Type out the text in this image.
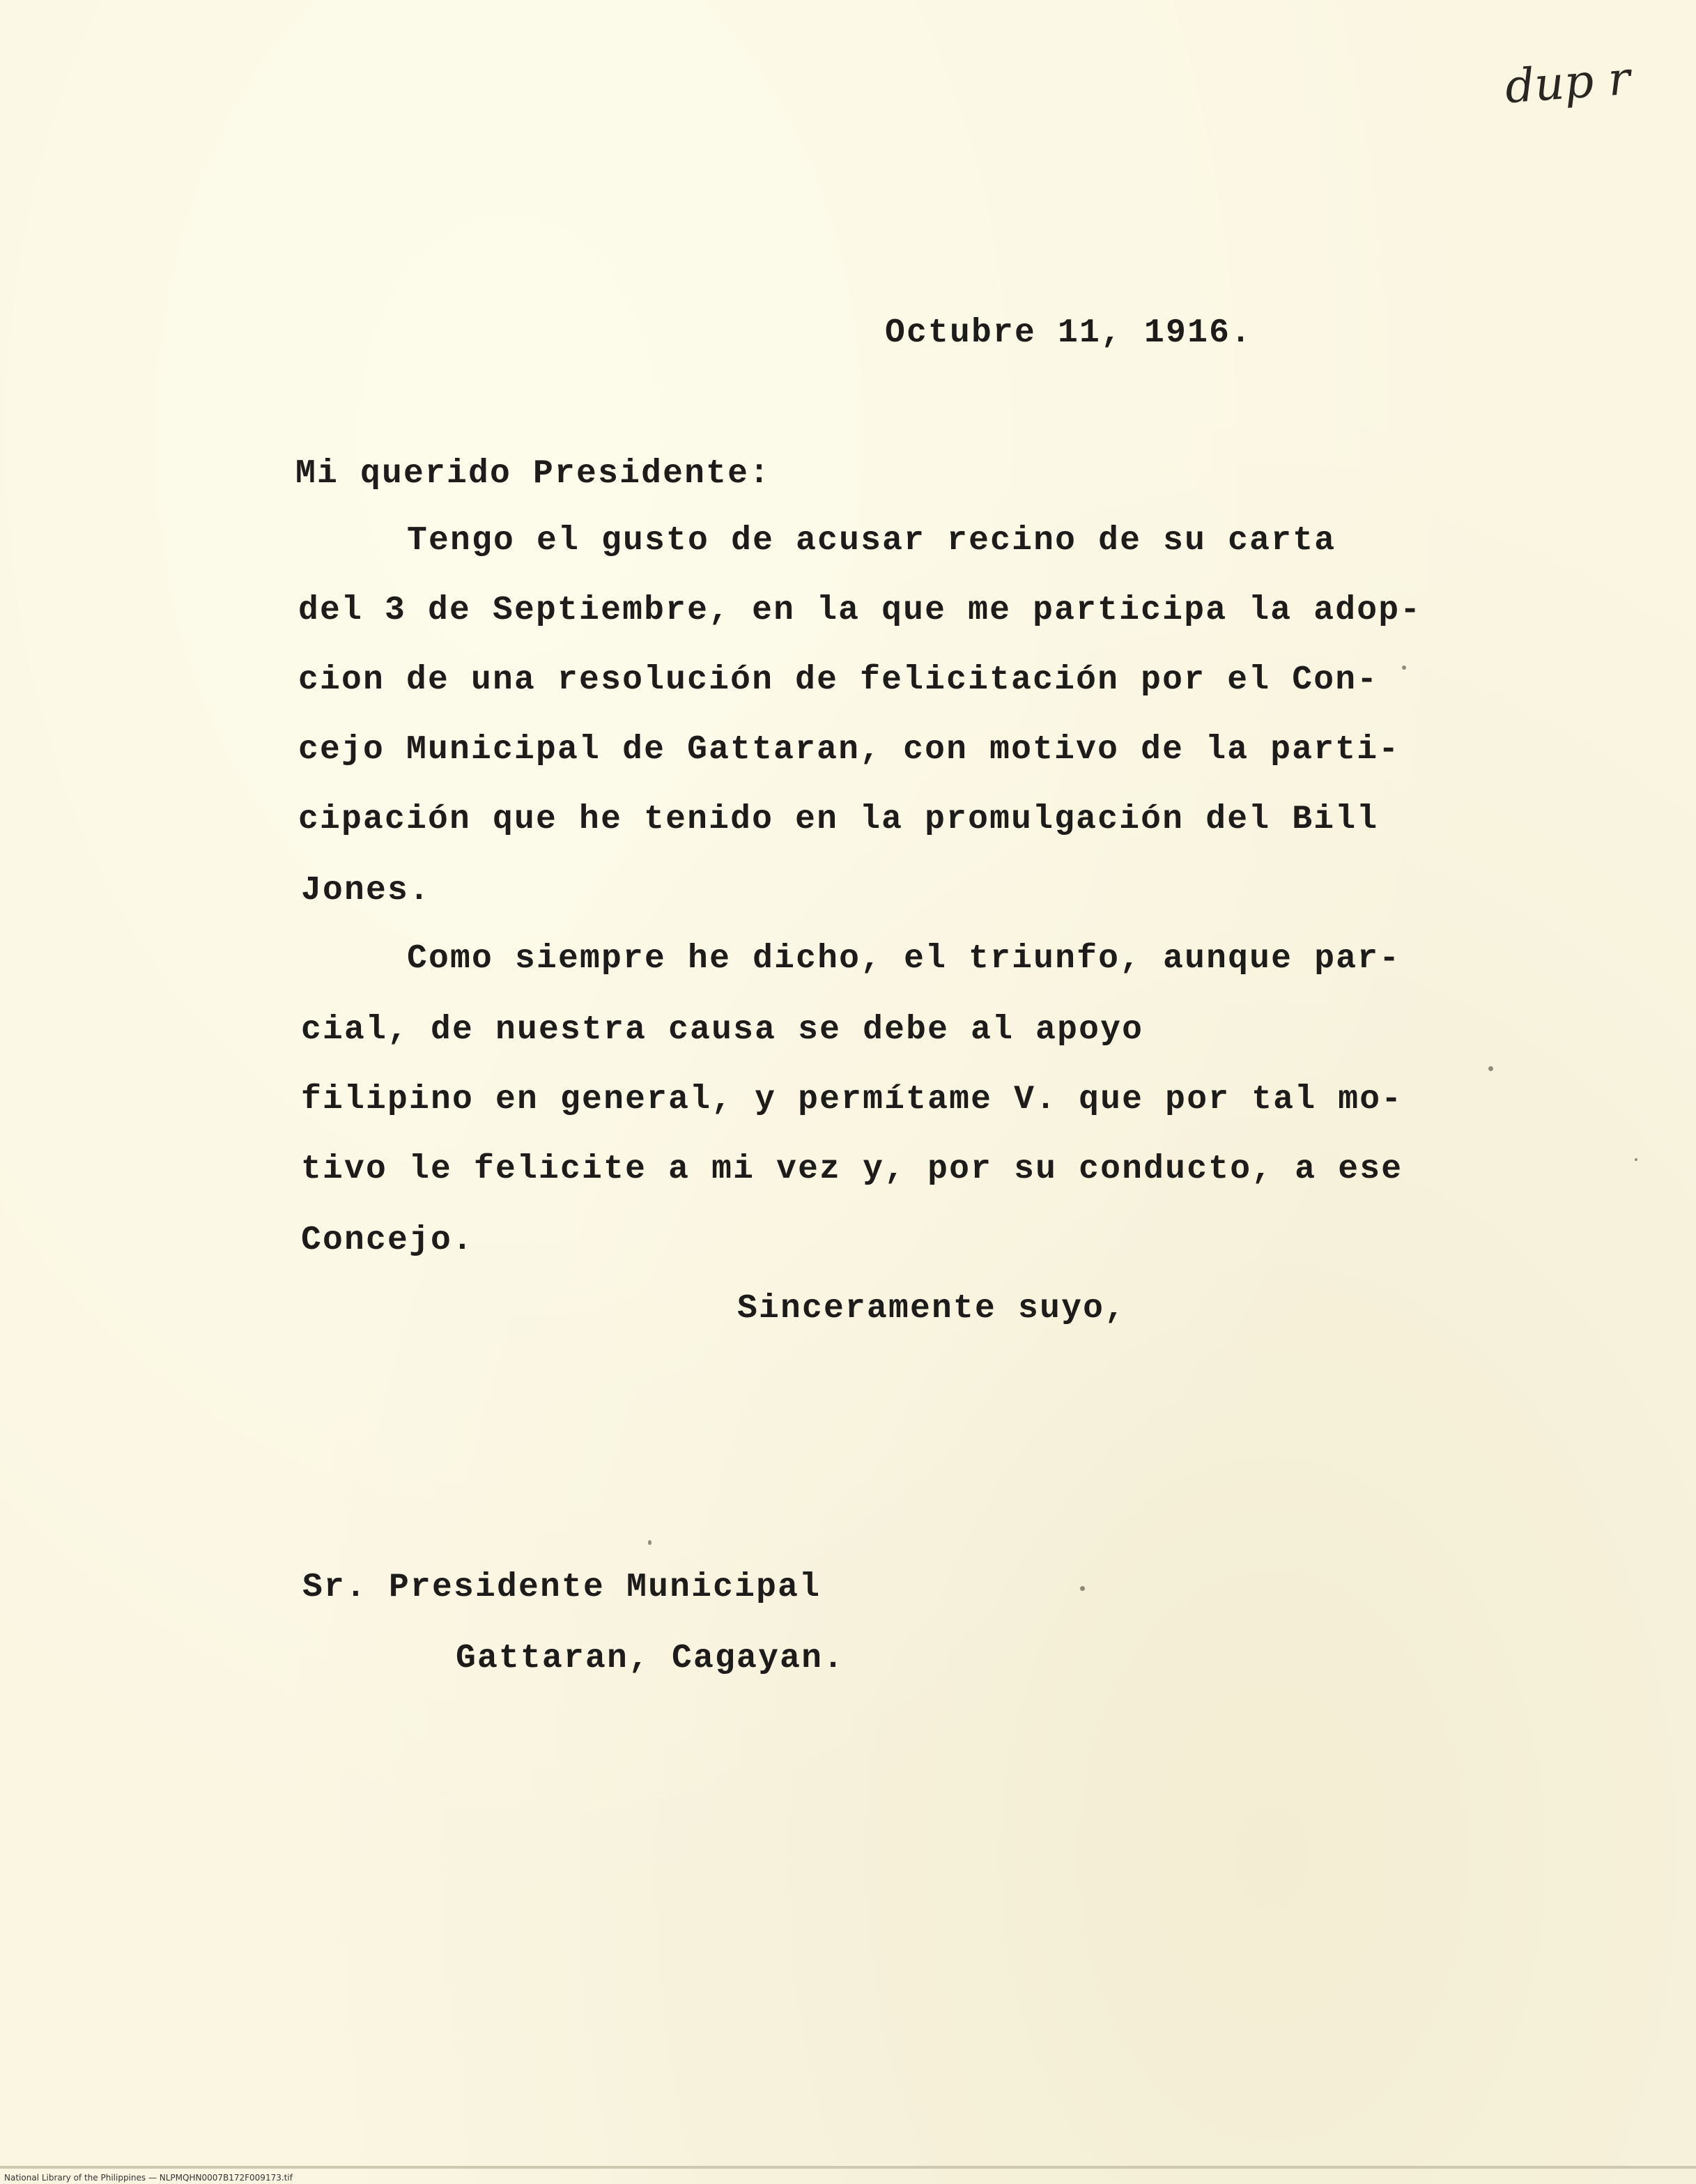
dup r
Octubre 11, 1916.
Mi querido Presidente:
Tengo el gusto de acusar recino de su carta
del 3 de Septiembre, en la que me participa la adop-
cion de una resolución de felicitación por el Con-
cejo Municipal de Gattaran, con motivo de la parti-
cipación que he tenido en la promulgación del Bill
Jones.
Como siempre he dicho, el triunfo, aunque par-
cial, de nuestra causa se debe al apoyo
filipino en general, y permítame V. que por tal mo-
tivo le felicite a mi vez y, por su conducto, a ese
Concejo.
Sinceramente suyo,
Sr. Presidente Municipal
Gattaran, Cagayan.
National Library of the Philippines — NLPMQHN0007B172F009173.tif
